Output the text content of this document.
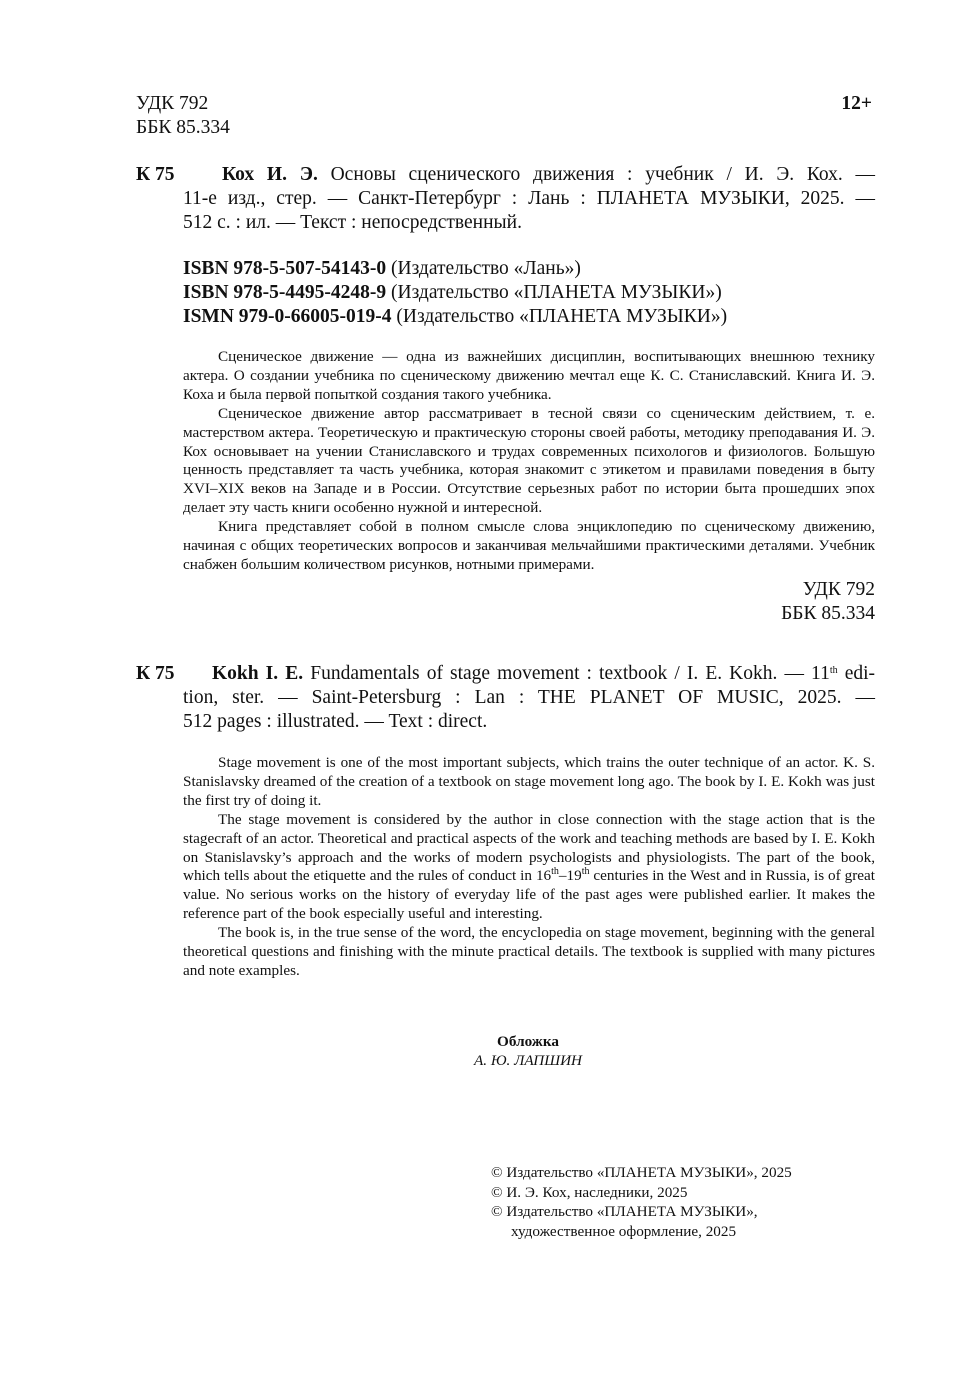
УДК 792
ББК 85.334
12+
К 75	Кох И. Э. Основы сценического движения : учебник / И. Э. Кох. —
11-е изд., стер. — Санкт-Петербург : Лань : ПЛАНЕТА МУЗЫКИ, 2025. —
512 с. : ил. — Текст : непосредственный.
ISBN 978-5-507-54143-0 (Издательство «Лань»)
ISBN 978-5-4495-4248-9 (Издательство «ПЛАНЕТА МУЗЫКИ»)
ISMN 979-0-66005-019-4 (Издательство «ПЛАНЕТА МУЗЫКИ»)
Сценическое движение — одна из важнейших дисциплин, воспитывающих внешнюю технику актера. О создании учебника по сценическому движению мечтал еще К. С. Станиславский. Книга И. Э. Коха и была первой попыткой создания такого учебника.
Сценическое движение автор рассматривает в тесной связи со сценическим действием, т. е. мастерством актера. Теоретическую и практическую стороны своей работы, методику преподавания И. Э. Кох основывает на учении Станиславского и трудах современных психологов и физиологов. Большую ценность представляет та часть учебника, которая знакомит с этикетом и правилами поведения в быту XVI–XIX веков на Западе и в России. Отсутствие серьезных работ по истории быта прошедших эпох делает эту часть книги особенно нужной и интересной.
Книга представляет собой в полном смысле слова энциклопедию по сценическому движению, начиная с общих теоретических вопросов и заканчивая мельчайшими практическими деталями. Учебник снабжен большим количеством рисунков, нотными примерами.
УДК 792
ББК 85.334
К 75	Kokh I. E. Fundamentals of stage movement : textbook / I. E. Kokh. — 11th edi-
tion, ster. — Saint-Petersburg : Lan : THE PLANET OF MUSIC, 2025. —
512 pages : illustrated. — Text : direct.
Stage movement is one of the most important subjects, which trains the outer technique of an actor. K. S. Stanislavsky dreamed of the creation of a textbook on stage movement long ago. The book by I. E. Kokh was just the first try of doing it.
The stage movement is considered by the author in close connection with the stage action that is the stagecraft of an actor. Theoretical and practical aspects of the work and teaching methods are based by I. E. Kokh on Stanislavsky’s approach and the works of modern psychologists and physiologists. The part of the book, which tells about the etiquette and the rules of conduct in 16th–19th centuries in the West and in Russia, is of great value. No serious works on the history of everyday life of the past ages were published earlier. It makes the reference part of the book especially useful and interesting.
The book is, in the true sense of the word, the encyclopedia on stage movement, beginning with the general theoretical questions and finishing with the minute practical details. The textbook is supplied with many pictures and note examples.
Обложка
А. Ю. ЛАПШИН
© Издательство «ПЛАНЕТА МУЗЫКИ», 2025
© И. Э. Кох, наследники, 2025
© Издательство «ПЛАНЕТА МУЗЫКИ»,
художественное оформление, 2025
